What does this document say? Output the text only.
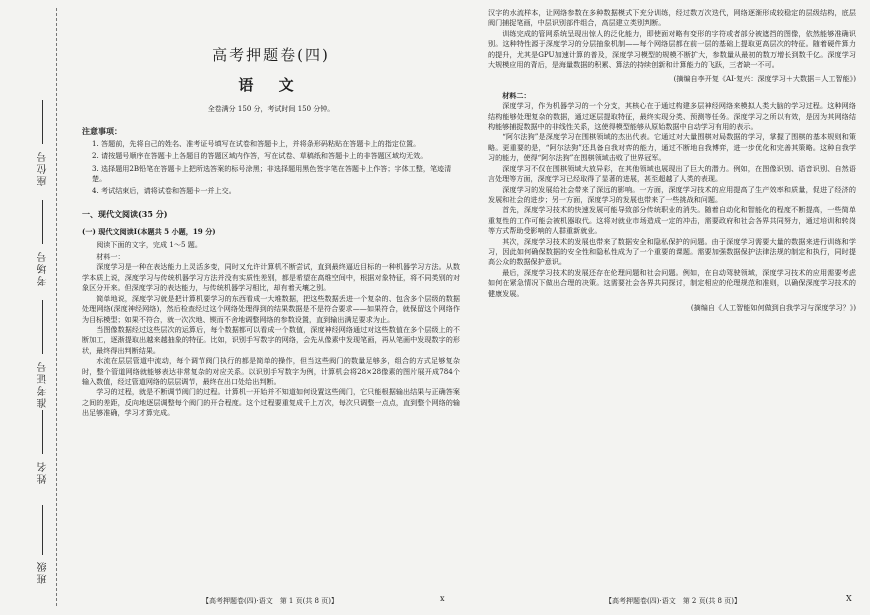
座位号
考场号
准考证号
姓名
班级
高考押题卷(四)
语 文
全卷满分 150 分，考试时间 150 分钟。
注意事项：
1. 答题前，先将自己的姓名、准考证号填写在试卷和答题卡上，并将条形码粘贴在答题卡上的指定位置。
2. 请按题号顺序在答题卡上各题目的答题区域内作答，写在试卷、草稿纸和答题卡上的非答题区域均无效。
3. 选择题用2B铅笔在答题卡上把所选答案的标号涂黑；非选择题用黑色签字笔在答题卡上作答；字体工整，笔迹清楚。
4. 考试结束后，请将试卷和答题卡一并上交。
一、现代文阅读(35 分)
(一) 现代文阅读Ⅰ(本题共 5 小题，19 分)
阅读下面的文字，完成 1～5 题。
材料一：

深度学习是一种在表达能力上灵活多变，同时又允许计算机不断尝试，直到最终逼近目标的一种机器学习方法。从数学本质上说，深度学习与传统机器学习方法并没有实质性差别，都是希望在高维空间中，根据对象特征，将不同类别的对象区分开来。但深度学习的表达能力，与传统机器学习相比，却有着天壤之别。

简单地说，深度学习就是把计算机要学习的东西看成一大堆数据，把这些数据丢进一个复杂的、包含多个层级的数据处理网络(深度神经网络)，然后检查经过这个网络处理得到的结果数据是不是符合要求——如果符合，就保留这个网络作为目标模型；如果不符合，就一次次地、锲而不舍地调整网络的参数设置，直到输出满足要求为止。

当图像数据经过这些层次的运算后，每个数据都可以看成一个数值，深度神经网络通过对这些数值在多个层级上的不断加工，逐渐提取出越来越抽象的特征。比如，识别手写数字的网络，会先从像素中发现笔画，再从笔画中发现数字的形状，最终得出判断结果。

水流在层层管道中流动，每个调节阀门执行的都是简单的操作，但当这些阀门的数量足够多，组合的方式足够复杂时，整个管道网络就能够表达非常复杂的对应关系。以识别手写数字为例，计算机会将28×28像素的图片展开成784个输入数值，经过管道网络的层层调节，最终在出口处给出判断。

学习的过程，就是不断调节阀门的过程。计算机一开始并不知道如何设置这些阀门，它只能根据输出结果与正确答案之间的差距，反向地逐层调整每个阀门的开合程度。这个过程要重复成千上万次，每次只调整一点点，直到整个网络的输出足够准确，学习才算完成。

汉字的水流样本，让网络参数在多种数据模式下充分训练，经过数万次迭代，网络逐渐形成较稳定的层级结构，底层阀门捕捉笔画，中层识别部件组合，高层建立类别判断。

训练完成的管网系统呈现出惊人的泛化能力，即使面对略有变形的字符或者部分被遮挡的图像，依然能够准确识别。这种特性源于深度学习的分层抽象机制——每个网络层都在前一层的基础上提取更高层次的特征。随着硬件算力的提升，尤其是GPU加速计算的普及，深度学习模型的规模不断扩大，参数量从最初的数万增长到数千亿。深度学习大规模应用的背后，是海量数据的积累、算法的持续创新和计算能力的飞跃，三者缺一不可。

(摘编自李开复《AI·复兴：深度学习＋大数据＝人工智能》)
材料二：

深度学习，作为机器学习的一个分支，其核心在于通过构建多层神经网络来模拟人类大脑的学习过程。这种网络结构能够处理复杂的数据，通过逐层提取特征，最终实现分类、预测等任务。深度学习之所以有效，是因为其网络结构能够捕捉数据中的非线性关系，这使得模型能够从原始数据中自动学习有用的表示。

“阿尔法狗”是深度学习在围棋领域的杰出代表。它通过对大量围棋对局数据的学习，掌握了围棋的基本规则和策略。更重要的是，“阿尔法狗”还具备自我对弈的能力，通过不断地自我博弈，进一步优化和完善其策略。这种自我学习的能力，使得“阿尔法狗”在围棋领域击败了世界冠军。

深度学习不仅在围棋领域大放异彩，在其他领域也展现出了巨大的潜力。例如，在图像识别、语音识别、自然语言处理等方面，深度学习已经取得了显著的进展，甚至超越了人类的表现。

深度学习的发展给社会带来了深远的影响。一方面，深度学习技术的应用提高了生产效率和质量，促进了经济的发展和社会的进步；另一方面，深度学习的发展也带来了一些挑战和问题。

首先，深度学习技术的快速发展可能导致部分传统职业的消失。随着自动化和智能化的程度不断提高，一些简单重复性的工作可能会被机器取代。这将对就业市场造成一定的冲击，需要政府和社会各界共同努力，通过培训和转岗等方式帮助受影响的人群重新就业。

其次，深度学习技术的发展也带来了数据安全和隐私保护的问题。由于深度学习需要大量的数据来进行训练和学习，因此如何确保数据的安全性和隐私性成为了一个重要的课题。需要加强数据保护法律法规的制定和执行，同时提高公众的数据保护意识。

最后，深度学习技术的发展还存在伦理问题和社会问题。例如，在自动驾驶领域，深度学习技术的应用需要考虑如何在紧急情况下做出合理的决策。这需要社会各界共同探讨，制定相应的伦理规范和准则，以确保深度学习技术的健康发展。

(摘编自《人工智能如何做到自我学习与深度学习？》)
【高考押题卷(四)·语文　第 1 页(共 8 页)】	x	【高考押题卷(四)·语文　第 2 页(共 8 页)】	X
